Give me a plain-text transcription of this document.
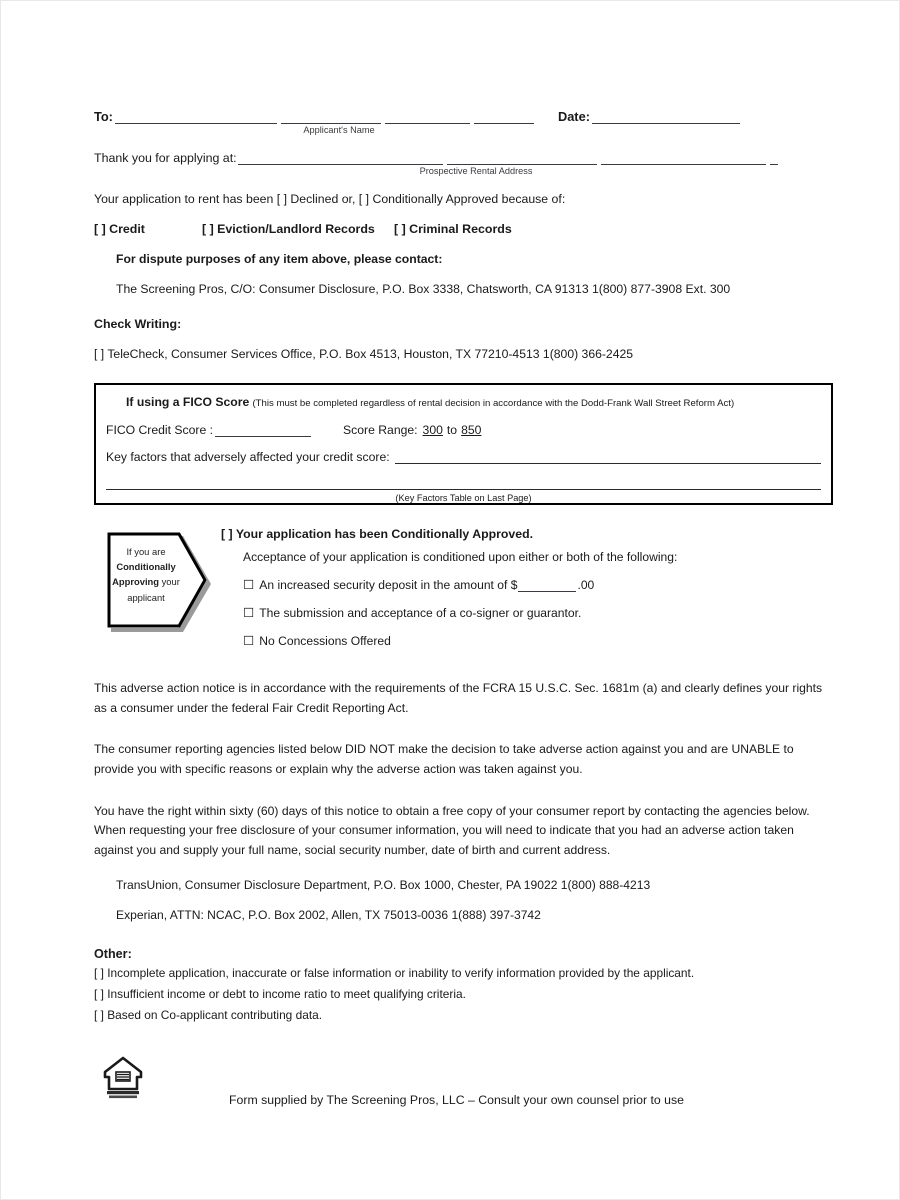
To:	Date:
Applicant's Name
Thank you for applying at:
Prospective Rental Address
Your application to rent has been [ ] Declined or, [ ] Conditionally Approved because of:
[ ] Credit	[ ] Eviction/Landlord Records	[ ] Criminal Records
For dispute purposes of any item above, please contact:
The Screening Pros, C/O: Consumer Disclosure, P.O. Box 3338, Chatsworth, CA 91313 1(800) 877-3908 Ext. 300
Check Writing:
[ ] TeleCheck, Consumer Services Office, P.O. Box 4513, Houston, TX 77210-4513 1(800) 366-2425
If using a FICO Score (This must be completed regardless of rental decision in accordance with the Dodd-Frank Wall Street Reform Act)
FICO Credit Score :	Score Range: 300 to 850
Key factors that adversely affected your credit score:
(Key Factors Table on Last Page)
If you are
Conditionally
Approving your
applicant
[ ] Your application has been Conditionally Approved.
Acceptance of your application is conditioned upon either or both of the following:
☐ An increased security deposit in the amount of $	.00
☐ The submission and acceptance of a co-signer or guarantor.
☐ No Concessions Offered
This adverse action notice is in accordance with the requirements of the FCRA 15 U.S.C. Sec. 1681m (a) and clearly defines your rights as a consumer under the federal Fair Credit Reporting Act.
The consumer reporting agencies listed below DID NOT make the decision to take adverse action against you and are UNABLE to provide you with specific reasons or explain why the adverse action was taken against you.
You have the right within sixty (60) days of this notice to obtain a free copy of your consumer report by contacting the agencies below. When requesting your free disclosure of your consumer information, you will need to indicate that you had an adverse action taken against you and supply your full name, social security number, date of birth and current address.
TransUnion, Consumer Disclosure Department, P.O. Box 1000, Chester, PA 19022 1(800) 888-4213
Experian, ATTN: NCAC, P.O. Box 2002, Allen, TX 75013-0036 1(888) 397-3742
Other:
[ ] Incomplete application, inaccurate or false information or inability to verify information provided by the applicant.
[ ] Insufficient income or debt to income ratio to meet qualifying criteria.
[ ] Based on Co-applicant contributing data.
Form supplied by The Screening Pros, LLC – Consult your own counsel prior to use
